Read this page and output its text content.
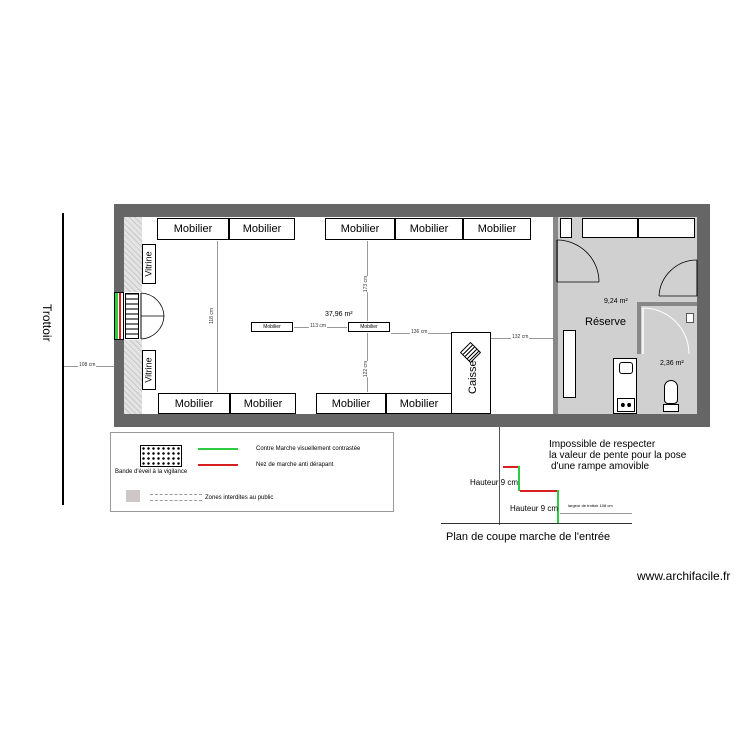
Trottoir
108 cm
Vitrine
Vitrine
Mobilier	Mobilier	Mobilier	Mobilier	Mobilier
Mobilier	Mobilier	Mobilier	Mobilier
Mobilier	Mobilier
118 cm
113 cm
173 cm
122 cm
136 cm
132 cm
37,96 m²
Caisse
9,24 m²
Réserve
2,36 m²
Bande d'éveil à la vigilance
Contre Marche visuellement contrastée
Nez de marche anti dérapant
Zones interdites au public
Impossible de respecter
la valeur de pente pour la pose
d'une rampe amovible
Hauteur 9 cm
Hauteur 9 cm largeur de trottoir 108 cm
Plan de coupe marche de l'entrée
www.archifacile.fr
